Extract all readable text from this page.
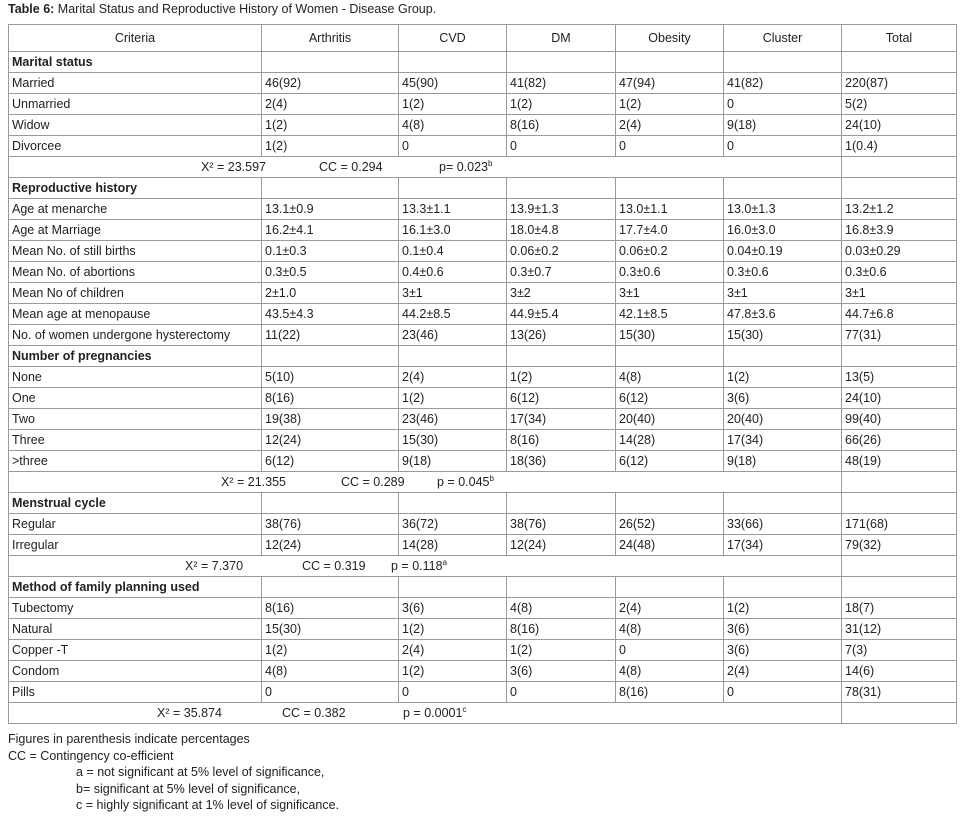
Table 6: Marital Status and Reproductive History of Women - Disease Group.
Criteria	Arthritis	CVD	DM	Obesity	Cluster	Total
Marital status						
Married	46(92)	45(90)	41(82)	47(94)	41(82)	220(87)
Unmarried	2(4)	1(2)	1(2)	1(2)	0	5(2)
Widow	1(2)	4(8)	8(16)	2(4)	9(18)	24(10)
Divorcee	1(2)	0	0	0	0	1(0.4)

X² = 23.597 CC = 0.294 p= 0.023$^b$

Reproductive history						
Age at menarche	13.1±0.9	13.3±1.1	13.9±1.3	13.0±1.1	13.0±1.3	13.2±1.2
Age at Marriage	16.2±4.1	16.1±3.0	18.0±4.8	17.7±4.0	16.0±3.0	16.8±3.9
Mean No. of still births	0.1±0.3	0.1±0.4	0.06±0.2	0.06±0.2	0.04±0.19	0.03±0.29
Mean No. of abortions	0.3±0.5	0.4±0.6	0.3±0.7	0.3±0.6	0.3±0.6	0.3±0.6
Mean No of children	2±1.0	3±1	3±2	3±1	3±1	3±1
Mean age at menopause	43.5±4.3	44.2±8.5	44.9±5.4	42.1±8.5	47.8±3.6	44.7±6.8
No. of women undergone hysterectomy	11(22)	23(46)	13(26)	15(30)	15(30)	77(31)
Number of pregnancies						
None	5(10)	2(4)	1(2)	4(8)	1(2)	13(5)
One	8(16)	1(2)	6(12)	6(12)	3(6)	24(10)
Two	19(38)	23(46)	17(34)	20(40)	20(40)	99(40)
Three	12(24)	15(30)	8(16)	14(28)	17(34)	66(26)
>three	6(12)	9(18)	18(36)	6(12)	9(18)	48(19)

X² = 21.355 CC = 0.289 p = 0.045$^b$

Menstrual cycle						
Regular	38(76)	36(72)	38(76)	26(52)	33(66)	171(68)
Irregular	12(24)	14(28)	12(24)	24(48)	17(34)	79(32)

X² = 7.370 CC = 0.319 p = 0.118$^a$

Method of family planning used						
Tubectomy	8(16)	3(6)	4(8)	2(4)	1(2)	18(7)
Natural	15(30)	1(2)	8(16)	4(8)	3(6)	31(12)
Copper -T	1(2)	2(4)	1(2)	0	3(6)	7(3)
Condom	4(8)	1(2)	3(6)	4(8)	2(4)	14(6)
Pills	0	0	0	8(16)	0	78(31)

X² = 35.874 CC = 0.382 p = 0.0001$^c$

Figures in parenthesis indicate percentages
CC = Contingency co-efficient
a = not significant at 5% level of significance,
b= significant at 5% level of significance,
c = highly significant at 1% level of significance.
